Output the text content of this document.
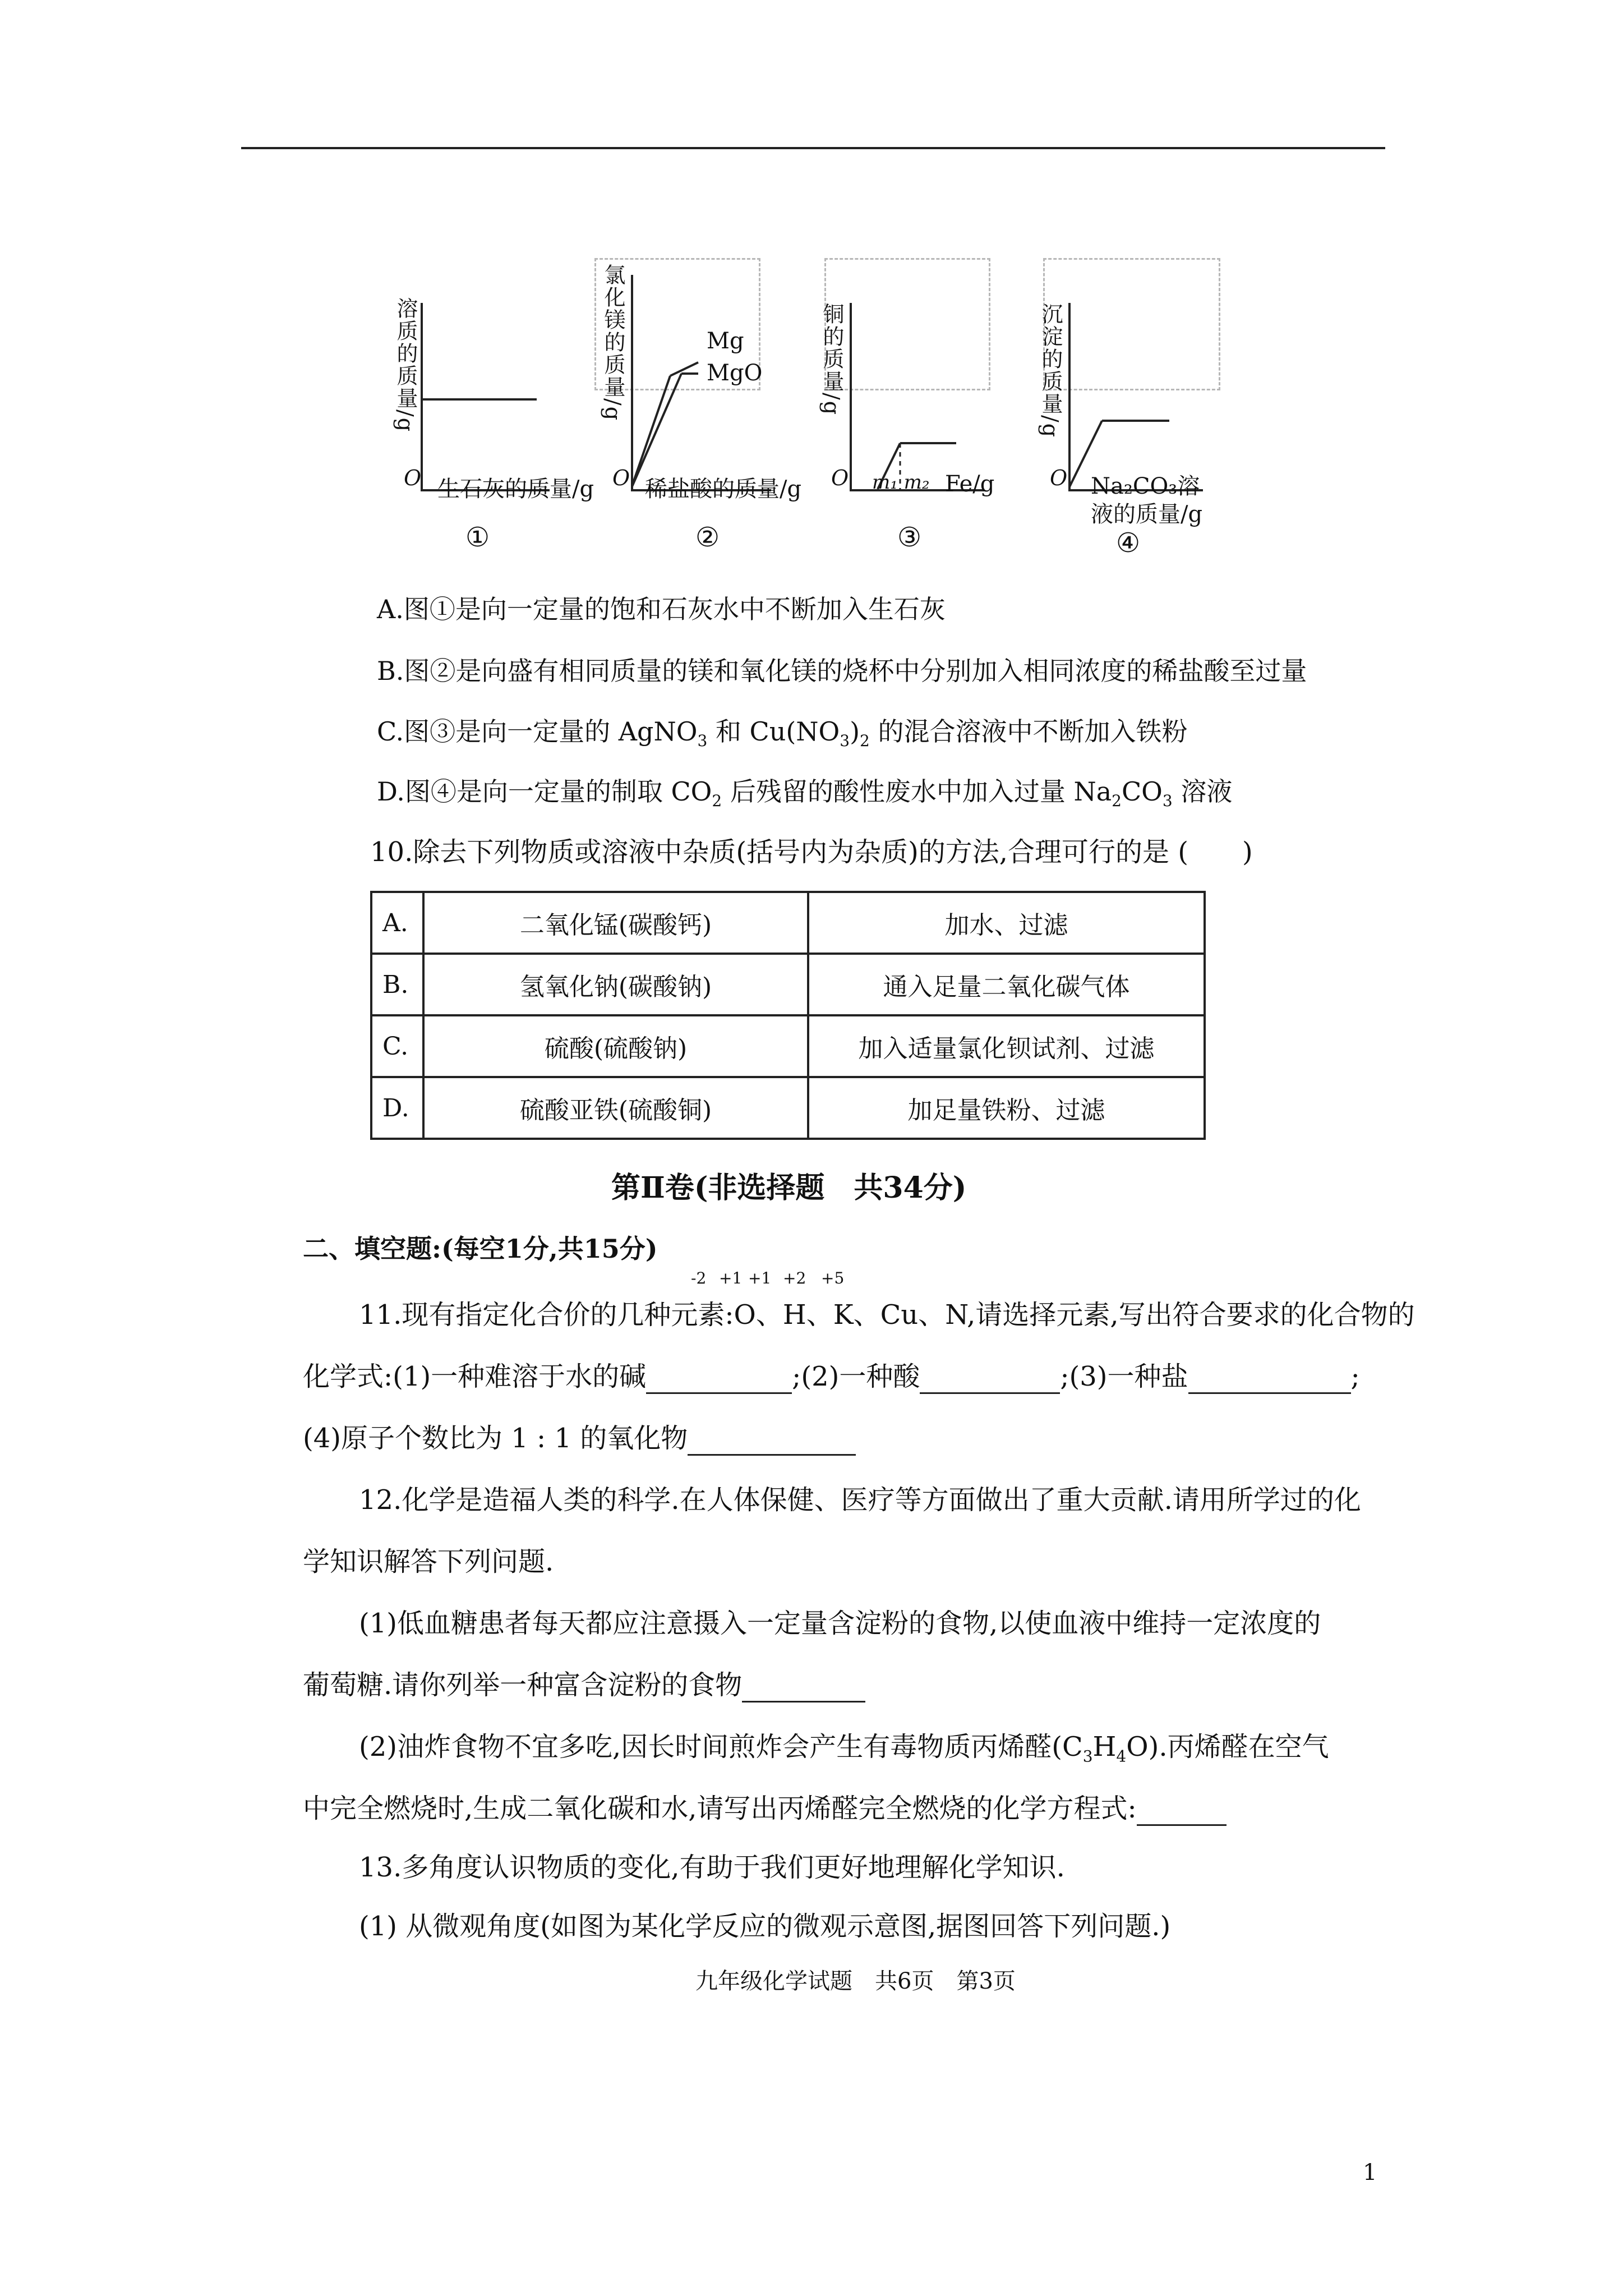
溶质的质量/g
O 生石灰的质量/g
①
氯化镁的质量/g	Mg
MgO
O 稀盐酸的质量/g
②
铜的质量/g
O m₁ m₂ Fe/g
③
沉淀的质量/g
O Na₂CO₃溶
液的质量/g
④
A.图①是向一定量的饱和石灰水中不断加入生石灰
B.图②是向盛有相同质量的镁和氧化镁的烧杯中分别加入相同浓度的稀盐酸至过量
C.图③是向一定量的 AgNO$_3$ 和 $Cu(NO_3)_2$ 的混合溶液中不断加入铁粉
D.图④是向一定量的制取 $CO_2$ 后残留的酸性废水中加入过量 $Na_2CO_3$ 溶液
10.除去下列物质或溶液中杂质(括号内为杂质)的方法,合理可行的是 (　　)
A.	二氧化锰(碳酸钙)	加水、过滤
B.	氢氧化钠(碳酸钠)	通入足量二氧化碳气体
C.	硫酸(硫酸钠)	加入适量氯化钡试剂、过滤
D.	硫酸亚铁(硫酸铜)	加足量铁粉、过滤
第Ⅱ卷(非选择题　共34分)
二、填空题:(每空1分,共15分)
-2 +1 +1 +2 +5
11.现有指定化合价的几种元素:O、H、K、Cu、N,请选择元素,写出符合要求的化合物的
化学式:(1)一种难溶于水的碱	;(2)一种酸	;(3)一种盐	;
(4)原子个数比为 1 : 1 的氧化物
12.化学是造福人类的科学.在人体保健、医疗等方面做出了重大贡献.请用所学过的化
学知识解答下列问题.
(1)低血糖患者每天都应注意摄入一定量含淀粉的食物,以使血液中维持一定浓度的
葡萄糖.请你列举一种富含淀粉的食物
(2)油炸食物不宜多吃,因长时间煎炸会产生有毒物质丙烯醛$(C_3H_4O)$.丙烯醛在空气
中完全燃烧时,生成二氧化碳和水,请写出丙烯醛完全燃烧的化学方程式:
13.多角度认识物质的变化,有助于我们更好地理解化学知识.
(1) 从微观角度(如图为某化学反应的微观示意图,据图回答下列问题.)
九年级化学试题　共6页　第3页
1
